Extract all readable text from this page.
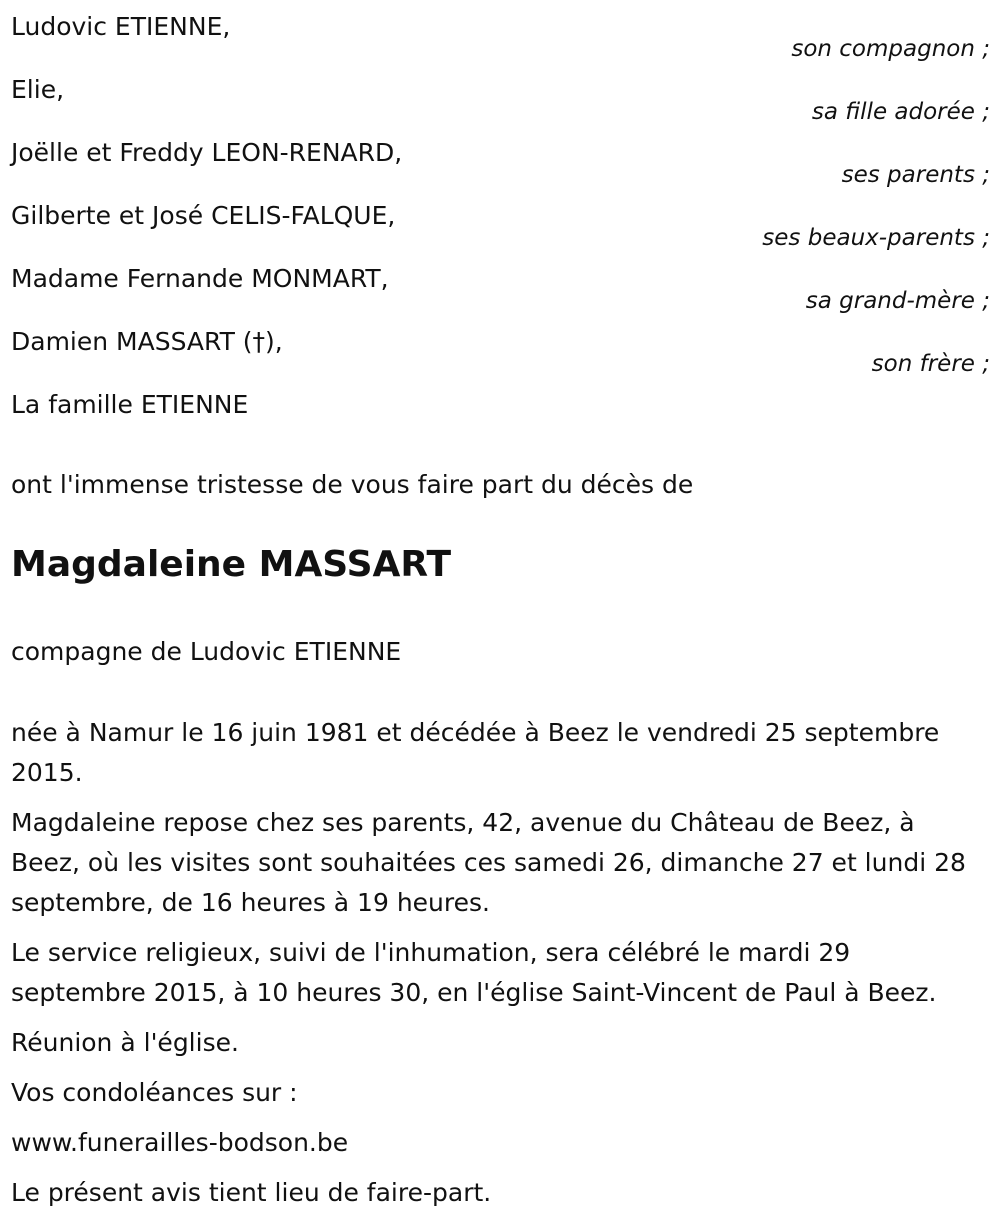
Ludovic ETIENNE,
son compagnon ;
Elie,
sa fille adorée ;
Joëlle et Freddy LEON-RENARD,
ses parents ;
Gilberte et José CELIS-FALQUE,
ses beaux-parents ;
Madame Fernande MONMART,
sa grand-mère ;
Damien MASSART (†),
son frère ;
La famille ETIENNE
ont l'immense tristesse de vous faire part du décès de
Magdaleine MASSART
compagne de Ludovic ETIENNE

née à Namur le 16 juin 1981 et décédée à Beez le vendredi 25 septembre 2015.

Magdaleine repose chez ses parents, 42, avenue du Château de Beez, à Beez, où les visites sont souhaitées ces samedi 26, dimanche 27 et lundi 28 septembre, de 16 heures à 19 heures.

Le service religieux, suivi de l'inhumation, sera célébré le mardi 29 septembre 2015, à 10 heures 30, en l'église Saint-Vincent de Paul à Beez.

Réunion à l'église.

Vos condoléances sur :

www.funerailles-bodson.be

Le présent avis tient lieu de faire-part.
